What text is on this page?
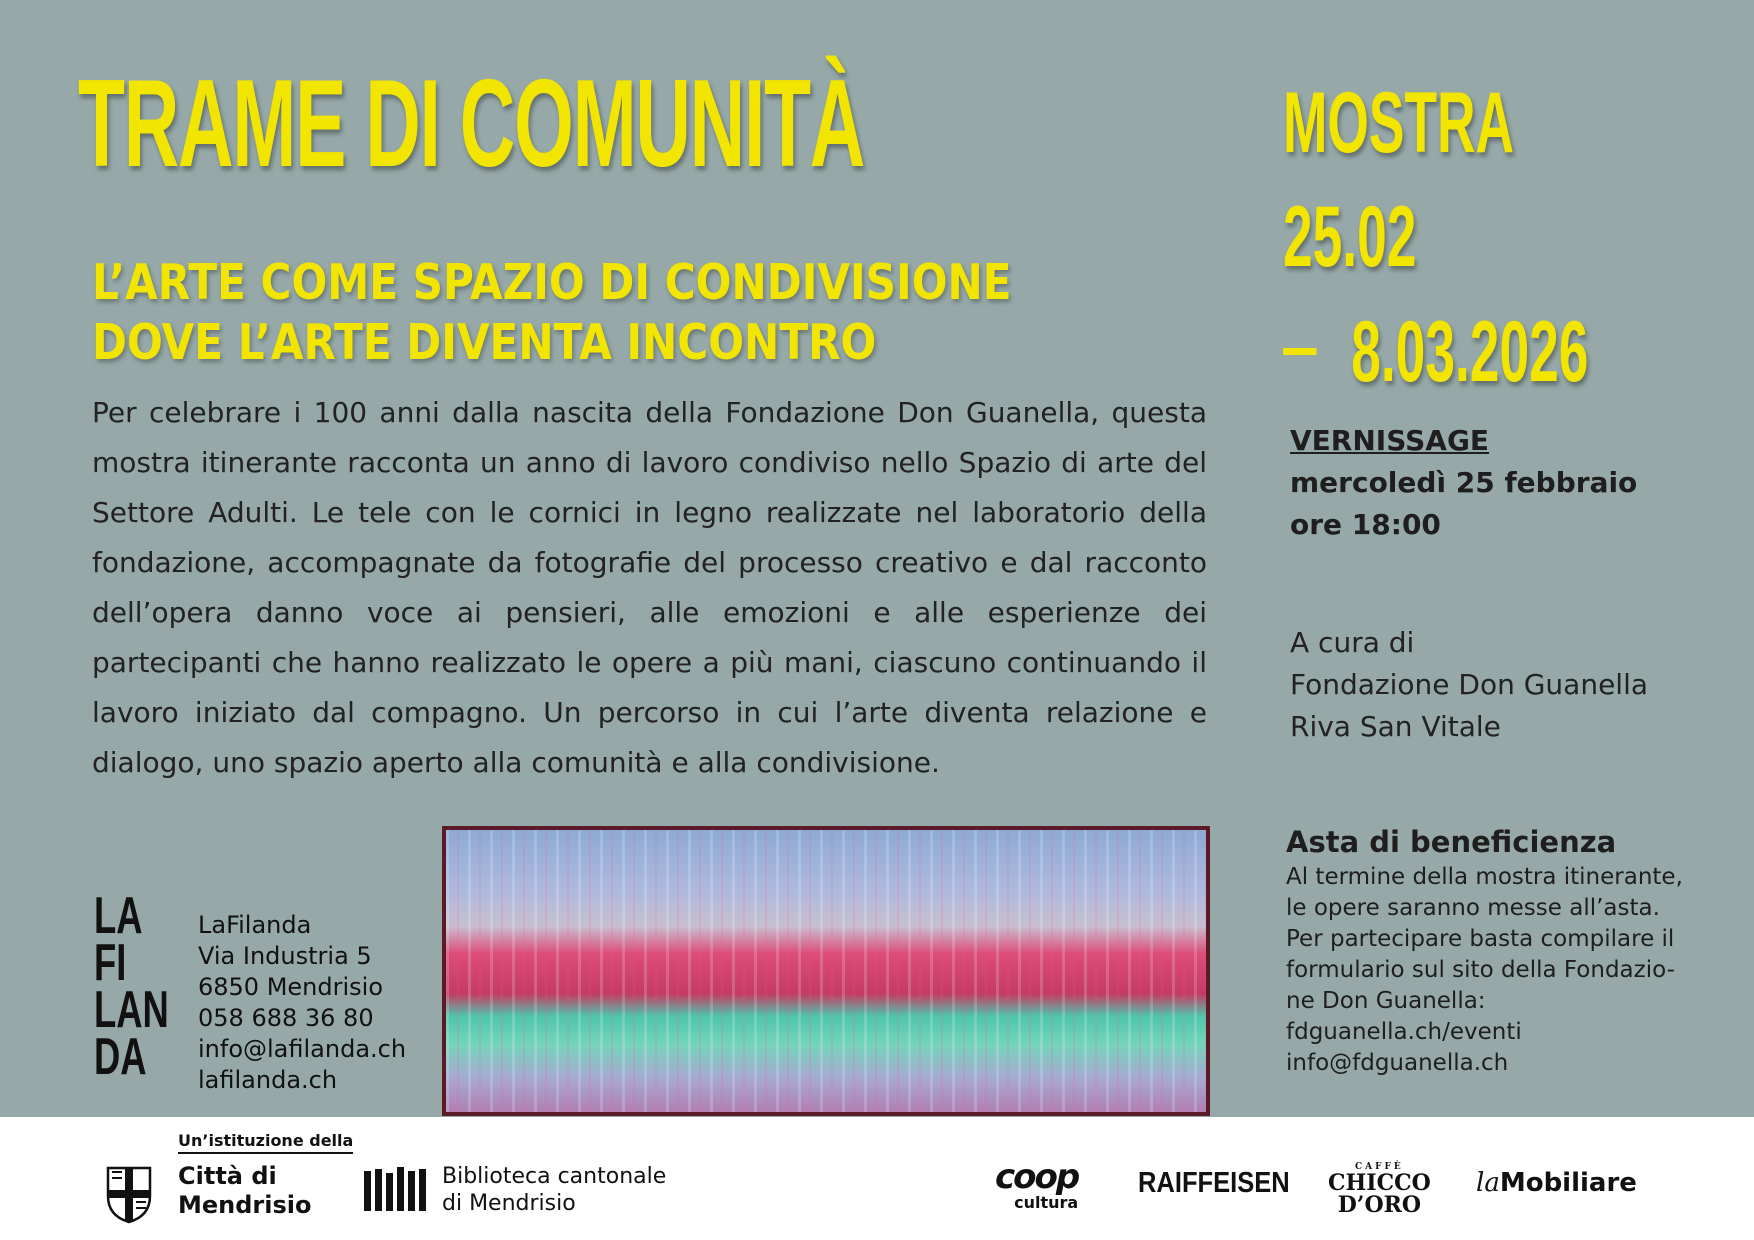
TRAME DI COMUNITÀ
L’ARTE COME SPAZIO DI CONDIVISIONE
DOVE L’ARTE DIVENTA INCONTRO
MOSTRA
25.02
8.03.2026

Per celebrare i 100 anni dalla nascita della Fondazione Don Guanella, questa mostra itinerante racconta un anno di lavoro condiviso nello Spazio di arte del Settore Adulti. Le tele con le cornici in legno realizzate nel laboratorio della fondazione, accompagnate da fotografie del processo creativo e dal racconto dell’opera danno voce ai pensieri, alle emozioni e alle esperienze dei partecipanti che hanno realizzato le opere a più mani, ciascuno continuando il lavoro iniziato dal compagno. Un percorso in cui l’arte diventa relazione e dialogo, uno spazio aperto alla comunità e alla condivisione.

VERNISSAGE
mercoledì 25 febbraio
ore 18:00
A cura di
Fondazione Don Guanella
Riva San Vitale
Asta di beneficienza
Al termine della mostra itinerante,
le opere saranno messe all’asta.
Per partecipare basta compilare il
formulario sul sito della Fondazio-
ne Don Guanella:
fdguanella.ch/eventi
info@fdguanella.ch
LA
FI
LAN
DA
LaFilanda
Via Industria 5
6850 Mendrisio
058 688 36 80
info@lafilanda.ch
lafilanda.ch
Un’istituzione della
Città di
Mendrisio
Biblioteca cantonale
di Mendrisio
coop
cultura
RAIFFEISEN	CAFFÈ
CHICCO
D’ORO
laMobiliare
